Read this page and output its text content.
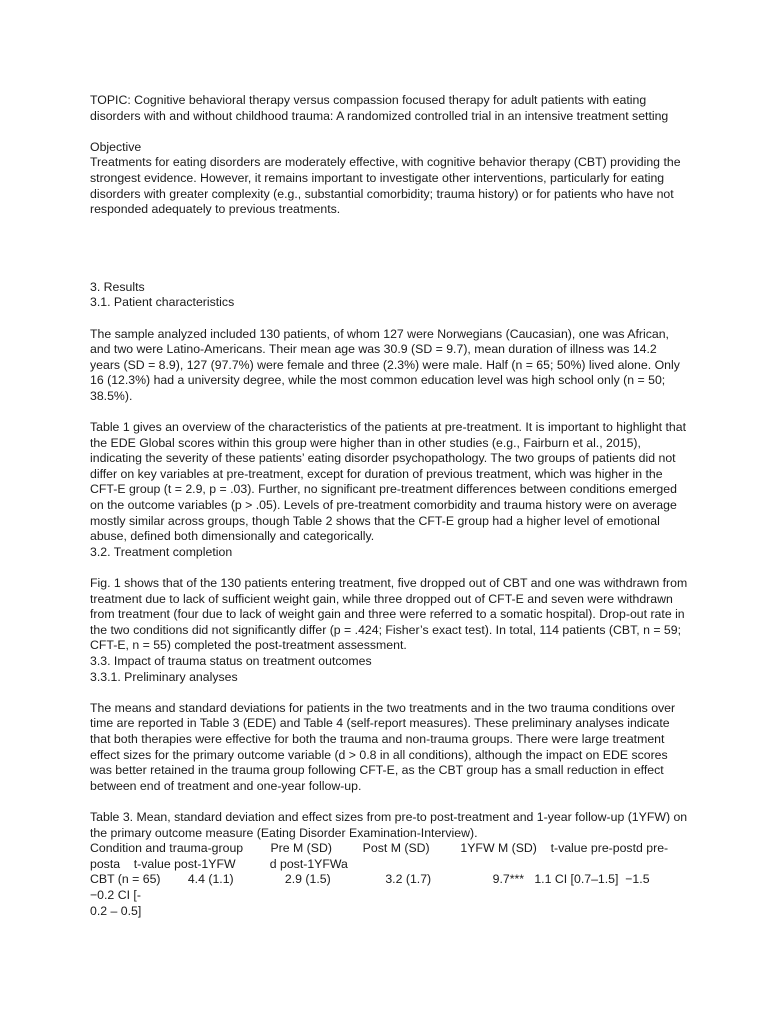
TOPIC: Cognitive behavioral therapy versus compassion focused therapy for adult patients with eating disorders with and without childhood trauma: A randomized controlled trial in an intensive treatment setting

Objective

Treatments for eating disorders are moderately effective, with cognitive behavior therapy (CBT) providing the strongest evidence. However, it remains important to investigate other interventions, particularly for eating disorders with greater complexity (e.g., substantial comorbidity; trauma history) or for patients who have not responded adequately to previous treatments.

3. Results

3.1. Patient characteristics

The sample analyzed included 130 patients, of whom 127 were Norwegians (Caucasian), one was African, and two were Latino-Americans. Their mean age was 30.9 (SD = 9.7), mean duration of illness was 14.2 years (SD = 8.9), 127 (97.7%) were female and three (2.3%) were male. Half (n = 65; 50%) lived alone. Only 16 (12.3%) had a university degree, while the most common education level was high school only (n = 50; 38.5%).

Table 1 gives an overview of the characteristics of the patients at pre-treatment. It is important to highlight that the EDE Global scores within this group were higher than in other studies (e.g., Fairburn et al., 2015), indicating the severity of these patients’ eating disorder psychopathology. The two groups of patients did not differ on key variables at pre-treatment, except for duration of previous treatment, which was higher in the CFT-E group (t = 2.9, p = .03). Further, no significant pre-treatment differences between conditions emerged on the outcome variables (p > .05). Levels of pre-treatment comorbidity and trauma history were on average mostly similar across groups, though Table 2 shows that the CFT-E group had a higher level of emotional abuse, defined both dimensionally and categorically.

3.2. Treatment completion

Fig. 1 shows that of the 130 patients entering treatment, five dropped out of CBT and one was withdrawn from treatment due to lack of sufficient weight gain, while three dropped out of CFT-E and seven were withdrawn from treatment (four due to lack of weight gain and three were referred to a somatic hospital). Drop-out rate in the two conditions did not significantly differ (p = .424; Fisher’s exact test). In total, 114 patients (CBT, n = 59; CFT-E, n = 55) completed the post-treatment assessment.

3.3. Impact of trauma status on treatment outcomes

3.3.1. Preliminary analyses

The means and standard deviations for patients in the two treatments and in the two trauma conditions over time are reported in Table 3 (EDE) and Table 4 (self-report measures). These preliminary analyses indicate that both therapies were effective for both the trauma and non-trauma groups. There were large treatment effect sizes for the primary outcome variable (d > 0.8 in all conditions), although the impact on EDE scores was better retained in the trauma group following CFT-E, as the CBT group has a small reduction in effect between end of treatment and one-year follow-up.

Table 3. Mean, standard deviation and effect sizes from pre-to post-treatment and 1-year follow-up (1YFW) on the primary outcome measure (Eating Disorder Examination-Interview).

Condition and trauma-group        Pre M (SD)         Post M (SD)         1YFW M (SD)    t-value pre-postd pre-

posta    t-value post-1YFW          d post-1YFWa

CBT (n = 65)        4.4 (1.1)               2.9 (1.5)                3.2 (1.7)                  9.7***   1.1 CI [0.7–1.5]  −1.5     −0.2 CI [-

0.2 – 0.5]
